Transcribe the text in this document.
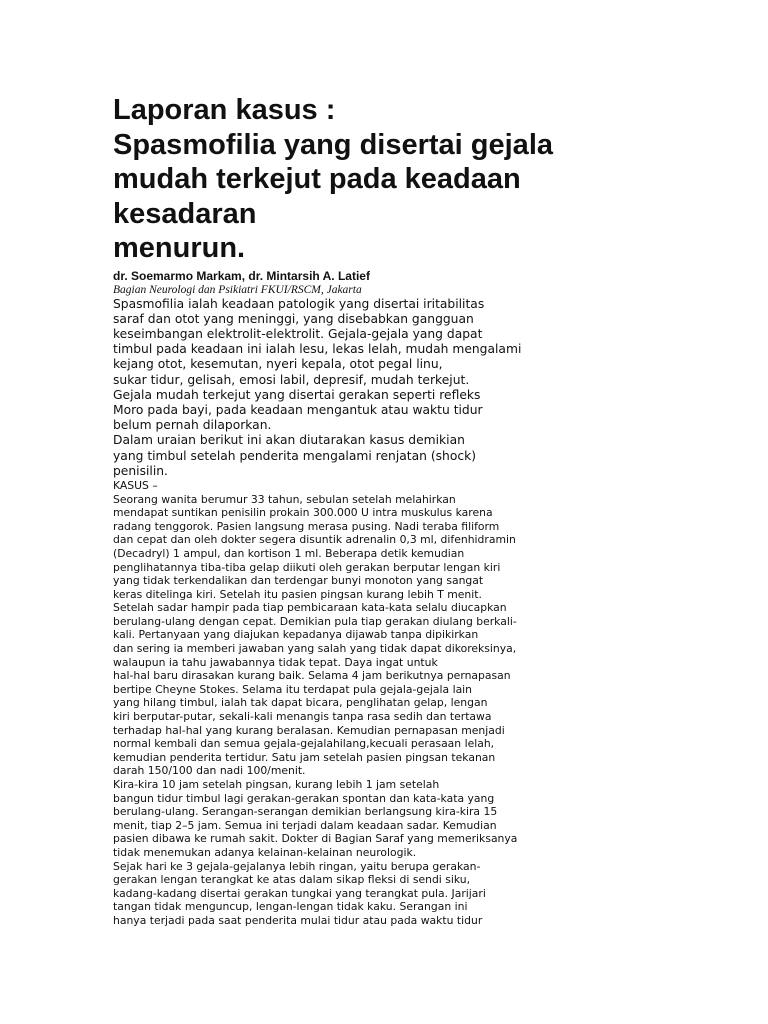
Laporan kasus :
Spasmofilia yang disertai gejala
mudah terkejut pada keadaan
kesadaran
menurun.
dr. Soemarmo Markam, dr. Mintarsih A. Latief
Bagian Neurologi dan Psikiatri FKUI/RSCM, Jakarta
Spasmofilia ialah keadaan patologik yang disertai iritabilitas
saraf dan otot yang meninggi, yang disebabkan gangguan
keseimbangan elektrolit-elektrolit. Gejala-gejala yang dapat
timbul pada keadaan ini ialah lesu, lekas lelah, mudah mengalami
kejang otot, kesemutan, nyeri kepala, otot pegal linu,
sukar tidur, gelisah, emosi labil, depresif, mudah terkejut.
Gejala mudah terkejut yang disertai gerakan seperti refleks
Moro pada bayi, pada keadaan mengantuk atau waktu tidur
belum pernah dilaporkan.
Dalam uraian berikut ini akan diutarakan kasus demikian
yang timbul setelah penderita mengalami renjatan (shock)
penisilin.
KASUS –
Seorang wanita berumur 33 tahun, sebulan setelah melahirkan
mendapat suntikan penisilin prokain 300.000 U intra muskulus karena
radang tenggorok. Pasien langsung merasa pusing. Nadi teraba filiform
dan cepat dan oleh dokter segera disuntik adrenalin 0,3 ml, difenhidramin
(Decadryl) 1 ampul, dan kortison 1 ml. Beberapa detik kemudian
penglihatannya tiba-tiba gelap diikuti oleh gerakan berputar lengan kiri
yang tidak terkendalikan dan terdengar bunyi monoton yang sangat
keras ditelinga kiri. Setelah itu pasien pingsan kurang lebih T menit.
Setelah sadar hampir pada tiap pembicaraan kata-kata selalu diucapkan
berulang-ulang dengan cepat. Demikian pula tiap gerakan diulang berkali-
kali. Pertanyaan yang diajukan kepadanya dijawab tanpa dipikirkan
dan sering ia memberi jawaban yang salah yang tidak dapat dikoreksinya,
walaupun ia tahu jawabannya tidak tepat. Daya ingat untuk
hal-hal baru dirasakan kurang baik. Selama 4 jam berikutnya pernapasan
bertipe Cheyne Stokes. Selama itu terdapat pula gejala-gejala lain
yang hilang timbul, ialah tak dapat bicara, penglihatan gelap, lengan
kiri berputar-putar, sekali-kali menangis tanpa rasa sedih dan tertawa
terhadap hal-hal yang kurang beralasan. Kemudian pernapasan menjadi
normal kembali dan semua gejala-gejalahilang,kecuali perasaan lelah,
kemudian penderita tertidur. Satu jam setelah pasien pingsan tekanan
darah 150/100 dan nadi 100/menit.
Kira-kira 10 jam setelah pingsan, kurang lebih 1 jam setelah
bangun tidur timbul lagi gerakan-gerakan spontan dan kata-kata yang
berulang-ulang. Serangan-serangan demikian berlangsung kira-kira 15
menit, tiap 2–5 jam. Semua ini terjadi dalam keadaan sadar. Kemudian
pasien dibawa ke rumah sakit. Dokter di Bagian Saraf yang memeriksanya
tidak menemukan adanya kelainan-kelainan neurologik.
Sejak hari ke 3 gejala-gejalanya lebih ringan, yaitu berupa gerakan-
gerakan lengan terangkat ke atas dalam sikap fleksi di sendi siku,
kadang-kadang disertai gerakan tungkai yang terangkat pula. Jarijari
tangan tidak menguncup, lengan-lengan tidak kaku. Serangan ini
hanya terjadi pada saat penderita mulai tidur atau pada waktu tidur
